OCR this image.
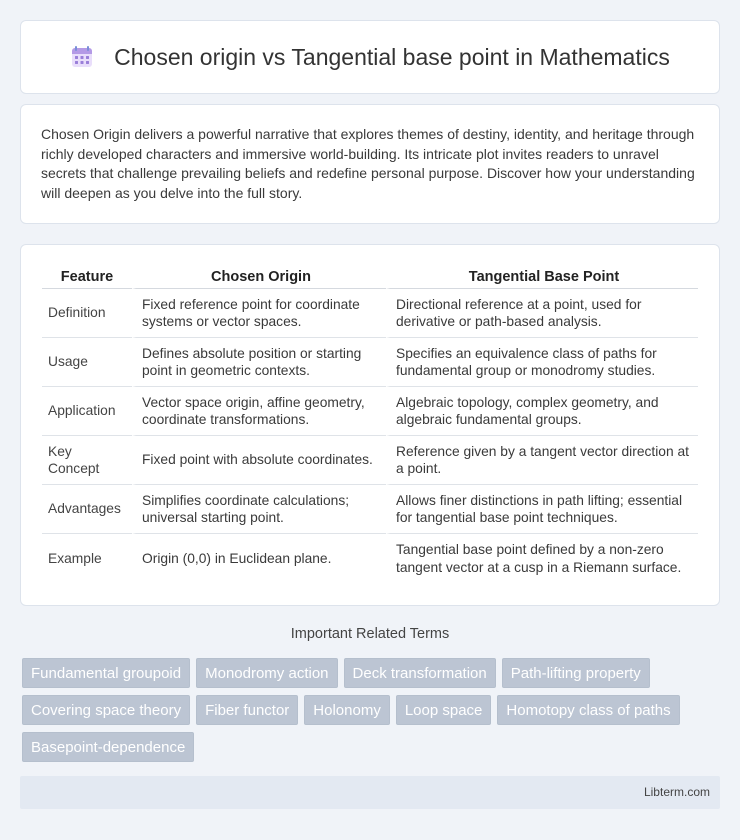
Chosen origin vs Tangential base point in Mathematics

Chosen Origin delivers a powerful narrative that explores themes of destiny, identity, and heritage through richly developed characters and immersive world-building. Its intricate plot invites readers to unravel secrets that challenge prevailing beliefs and redefine personal purpose. Discover how your understanding will deepen as you delve into the full story.

Feature	Chosen Origin	Tangential Base Point
Definition	Fixed reference point for coordinate systems or vector spaces.	Directional reference at a point, used for derivative or path-based analysis.
Usage	Defines absolute position or starting point in geometric contexts.	Specifies an equivalence class of paths for fundamental group or monodromy studies.
Application	Vector space origin, affine geometry, coordinate transformations.	Algebraic topology, complex geometry, and algebraic fundamental groups.
Key Concept	Fixed point with absolute coordinates.	Reference given by a tangent vector direction at a point.
Advantages	Simplifies coordinate calculations; universal starting point.	Allows finer distinctions in path lifting; essential for tangential base point techniques.
Example	Origin (0,0) in Euclidean plane.	Tangential base point defined by a non-zero tangent vector at a cusp in a Riemann surface.
Important Related Terms
Fundamental groupoid	Monodromy action	Deck transformation	Path-lifting property
Covering space theory	Fiber functor	Holonomy	Loop space	Homotopy class of paths
Basepoint-dependence
Libterm.com
